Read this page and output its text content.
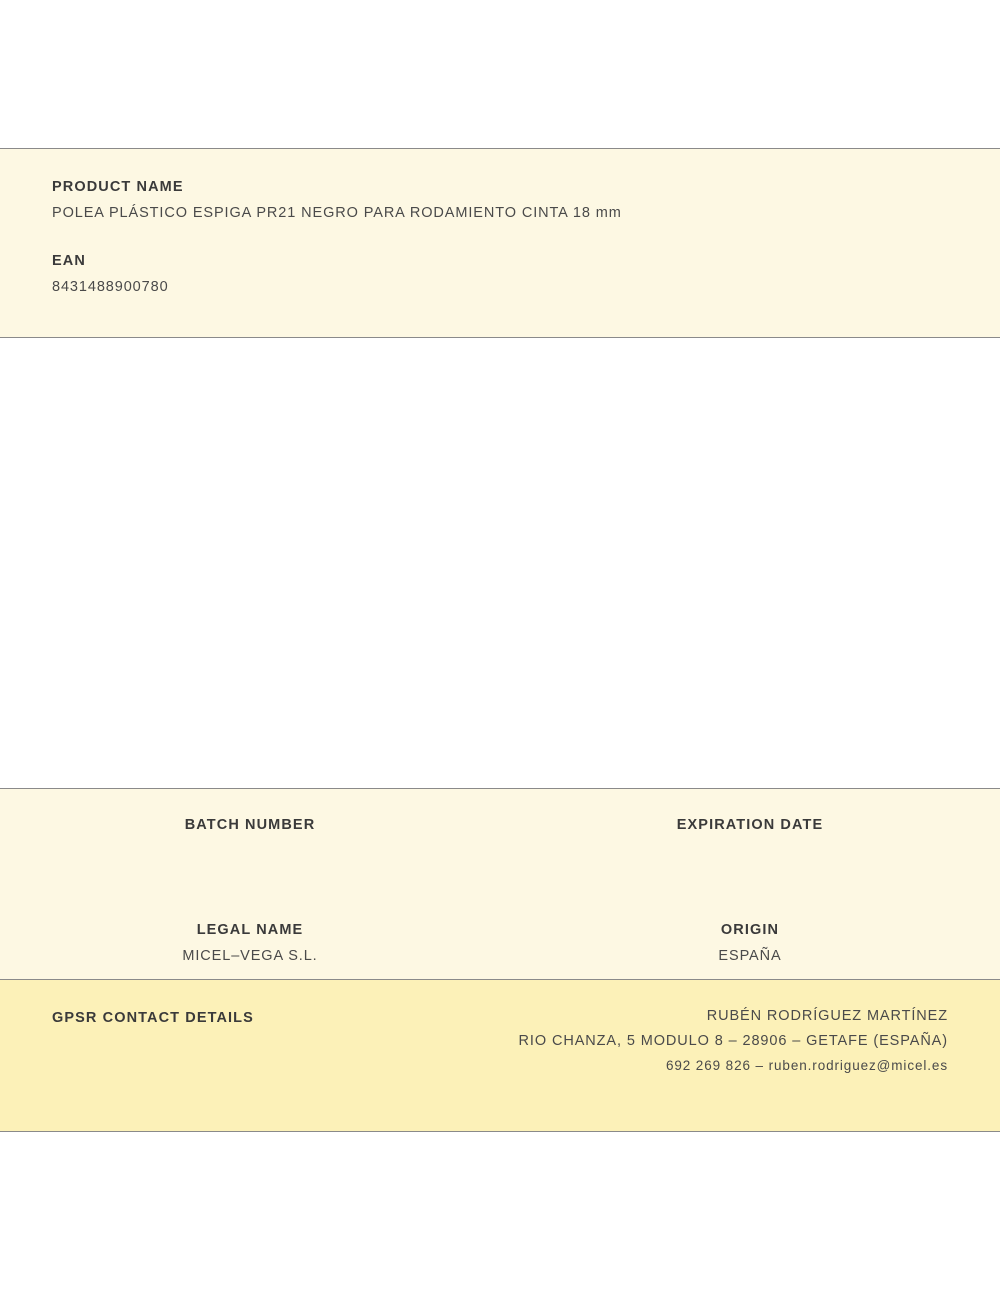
PRODUCT NAME
POLEA PLÁSTICO ESPIGA PR21 NEGRO PARA RODAMIENTO CINTA 18 mm
EAN
8431488900780
BATCH NUMBER	EXPIRATION DATE
LEGAL NAME
MICEL–VEGA S.L.
ORIGIN
ESPAÑA
GPSR CONTACT DETAILS	RUBÉN RODRÍGUEZ MARTÍNEZ
RIO CHANZA, 5 MODULO 8 – 28906 – GETAFE (ESPAÑA)
692 269 826 – ruben.rodriguez@micel.es
